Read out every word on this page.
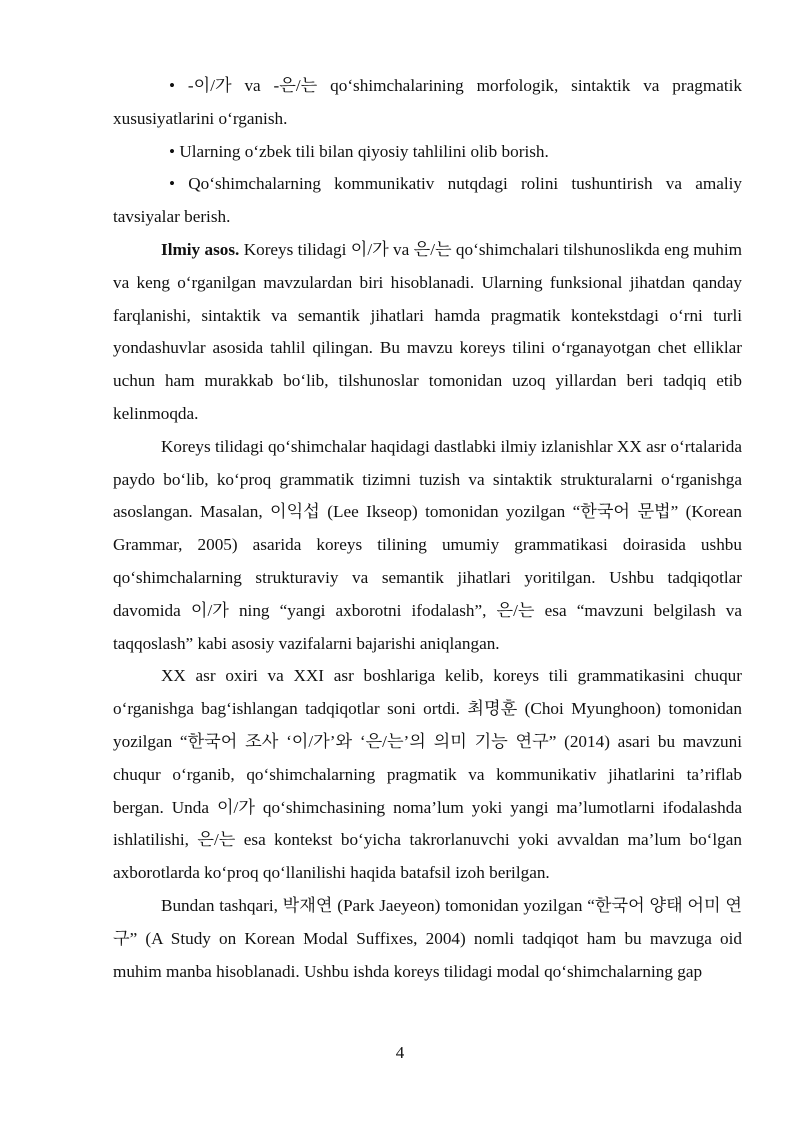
• -이/가 va -은/는 qo‘shimchalarining morfologik, sintaktik va pragmatik xususiyatlarini o‘rganish.

• Ularning o‘zbek tili bilan qiyosiy tahlilini olib borish.

• Qo‘shimchalarning kommunikativ nutqdagi rolini tushuntirish va amaliy tavsiyalar berish.

Ilmiy asos. Koreys tilidagi 이/가 va 은/는 qo‘shimchalari tilshunoslikda eng muhim va keng o‘rganilgan mavzulardan biri hisoblanadi. Ularning funksional jihatdan qanday farqlanishi, sintaktik va semantik jihatlari hamda pragmatik kontekstdagi o‘rni turli yondashuvlar asosida tahlil qilingan. Bu mavzu koreys tilini o‘rganayotgan chet elliklar uchun ham murakkab bo‘lib, tilshunoslar tomonidan uzoq yillardan beri tadqiq etib kelinmoqda.

Koreys tilidagi qo‘shimchalar haqidagi dastlabki ilmiy izlanishlar XX asr o‘rtalarida paydo bo‘lib, ko‘proq grammatik tizimni tuzish va sintaktik strukturalarni o‘rganishga asoslangan. Masalan, 이익섭 (Lee Ikseop) tomonidan yozilgan “한국어 문법” (Korean Grammar, 2005) asarida koreys tilining umumiy grammatikasi doirasida ushbu qo‘shimchalarning strukturaviy va semantik jihatlari yoritilgan. Ushbu tadqiqotlar davomida 이/가 ning “yangi axborotni ifodalash”, 은/는 esa “mavzuni belgilash va taqqoslash” kabi asosiy vazifalarni bajarishi aniqlangan.

XX asr oxiri va XXI asr boshlariga kelib, koreys tili grammatikasini chuqur o‘rganishga bag‘ishlangan tadqiqotlar soni ortdi. 최명훈 (Choi Myunghoon) tomonidan yozilgan “한국어 조사 ‘이/가’와 ‘은/는’의 의미 기능 연구” (2014) asari bu mavzuni chuqur o‘rganib, qo‘shimchalarning pragmatik va kommunikativ jihatlarini ta’riflab bergan. Unda 이/가 qo‘shimchasining noma’lum yoki yangi ma’lumotlarni ifodalashda ishlatilishi, 은/는 esa kontekst bo‘yicha takrorlanuvchi yoki avvaldan ma’lum bo‘lgan axborotlarda ko‘proq qo‘llanilishi haqida batafsil izoh berilgan.

Bundan tashqari, 박재연 (Park Jaeyeon) tomonidan yozilgan “한국어 양태 어미 연구” (A Study on Korean Modal Suffixes, 2004) nomli tadqiqot ham bu mavzuga oid muhim manba hisoblanadi. Ushbu ishda koreys tilidagi modal qo‘shimchalarning gap

4
